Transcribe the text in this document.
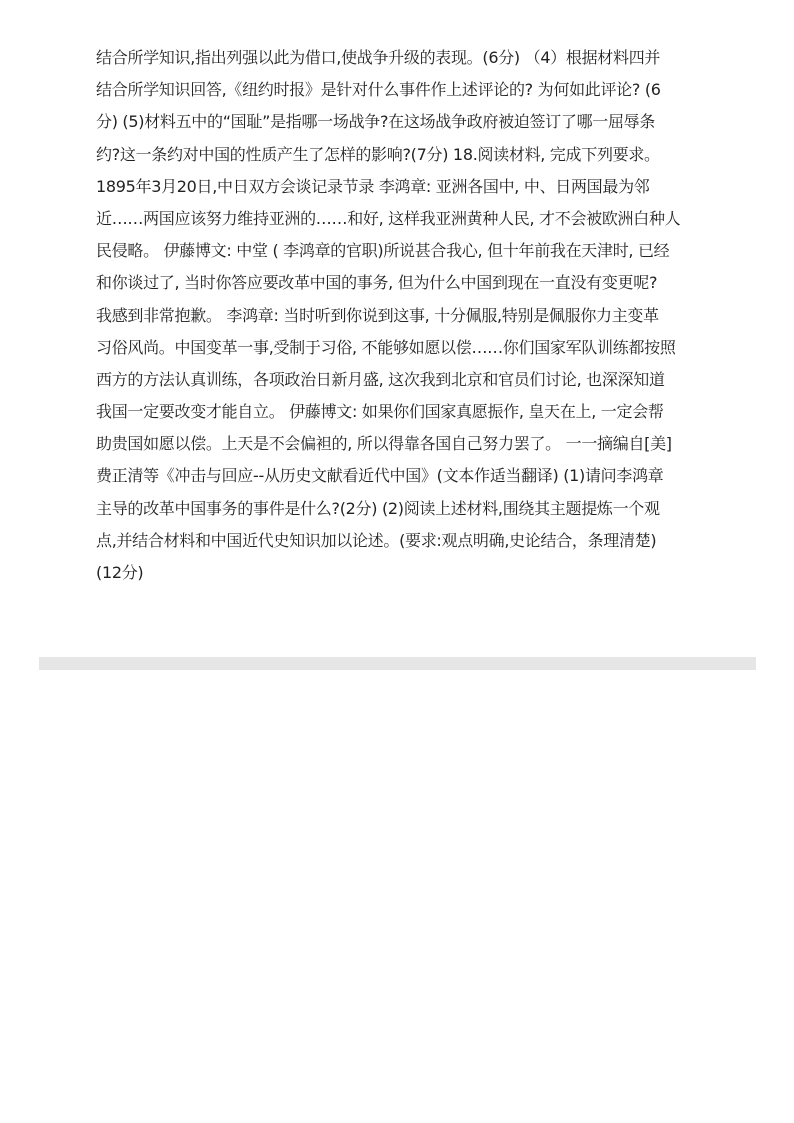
结合所学知识,指出列强以此为借口,使战争升级的表现。(6分) （4）根据材料四并
结合所学知识回答,《纽约时报》是针对什么事件作上述评论的? 为何如此评论? (6
分) (5)材料五中的“国耻”是指哪一场战争?在这场战争政府被迫签订了哪一屈辱条
约?这一条约对中国的性质产生了怎样的影响?(7分) 18.阅读材料, 完成下列要求。
1895年3月20日,中日双方会谈记录节录 李鸿章: 亚洲各国中, 中、日两国最为邻
近……两国应该努力维持亚洲的……和好, 这样我亚洲黄种人民, 才不会被欧洲白种人
民侵略。 伊藤博文: 中堂 ( 李鸿章的官职)所说甚合我心, 但十年前我在天津时, 已经
和你谈过了, 当时你答应要改革中国的事务, 但为什么中国到现在一直没有变更呢?
我感到非常抱歉。 李鸿章: 当时听到你说到这事, 十分佩服,特别是佩服你力主变革
习俗风尚。中国变革一事,受制于习俗, 不能够如愿以偿……你们国家军队训练都按照
西方的方法认真训练，各项政治日新月盛, 这次我到北京和官员们讨论, 也深深知道
我国一定要改变才能自立。 伊藤博文: 如果你们国家真愿振作, 皇天在上, 一定会帮
助贵国如愿以偿。上天是不会偏袒的, 所以得靠各国自己努力罢了。 一一摘编自[美]
费正清等《冲击与回应--从历史文献看近代中国》(文本作适当翻译) (1)请问李鸿章
主导的改革中国事务的事件是什么?(2分) (2)阅读上述材料,围绕其主题提炼一个观
点,并结合材料和中国近代史知识加以论述。(要求:观点明确,史论结合，条理清楚)
(12分)
